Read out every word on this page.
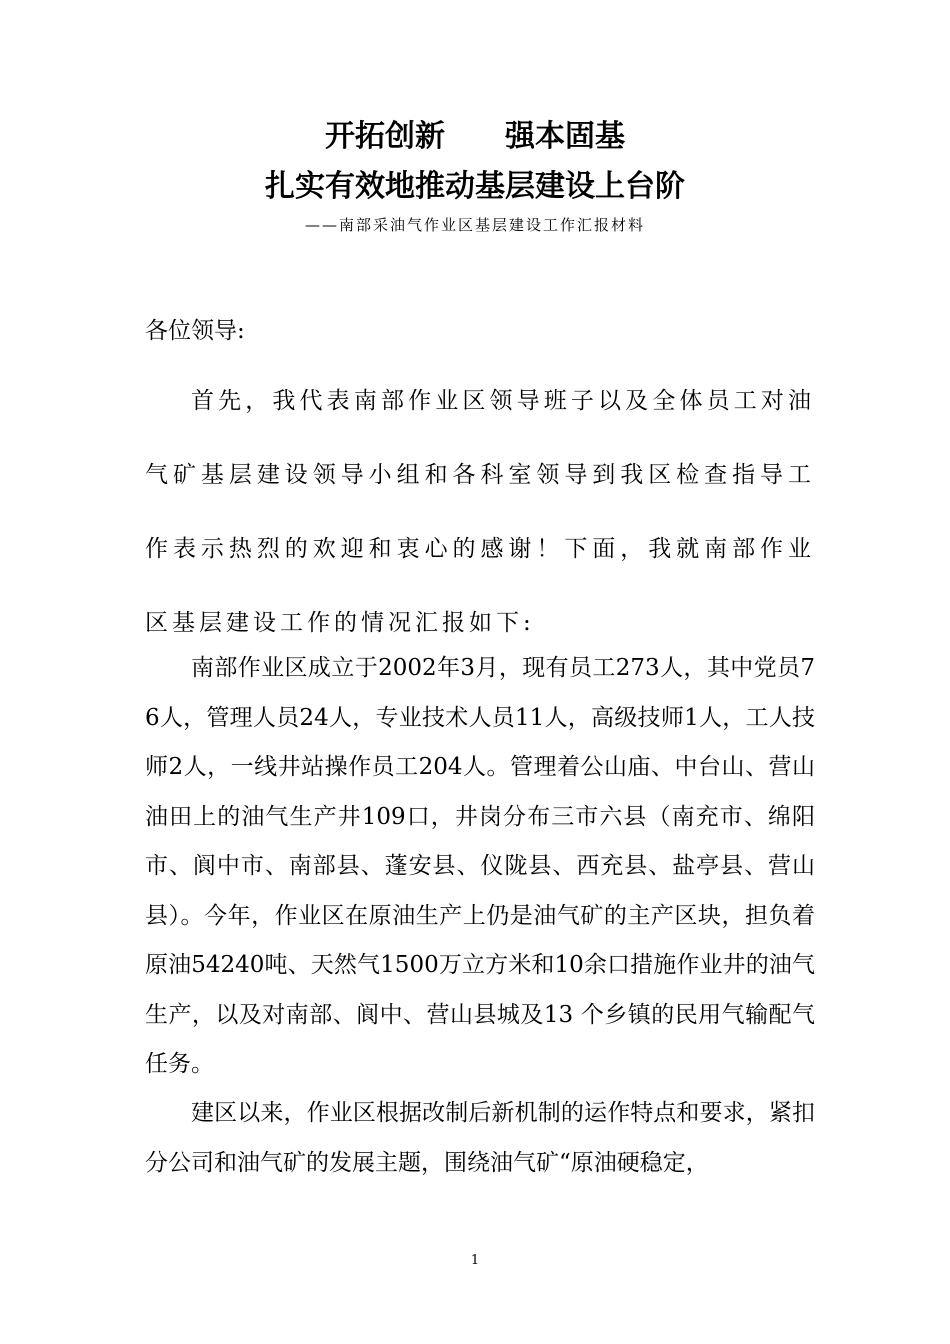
开拓创新　　强本固基
扎实有效地推动基层建设上台阶
——南部采油气作业区基层建设工作汇报材料
各位领导:

首先，我代表南部作业区领导班子以及全体员工对油气矿基层建设领导小组和各科室领导到我区检查指导工作表示热烈的欢迎和衷心的感谢！下面，我就南部作业区基层建设工作的情况汇报如下:

南部作业区成立于2002年3月，现有员工273人，其中党员76人，管理人员24人，专业技术人员11人，高级技师1人，工人技师2人，一线井站操作员工204人。管理着公山庙、中台山、营山油田上的油气生产井109口，井岗分布三市六县（南充市、绵阳市、阆中市、南部县、蓬安县、仪陇县、西充县、盐亭县、营山县）。今年，作业区在原油生产上仍是油气矿的主产区块，担负着原油54240吨、天然气1500万立方米和10余口措施作业井的油气生产，以及对南部、阆中、营山县城及13 个乡镇的民用气输配气任务。

建区以来，作业区根据改制后新机制的运作特点和要求，紧扣分公司和油气矿的发展主题，围绕油气矿“原油硬稳定，

1
